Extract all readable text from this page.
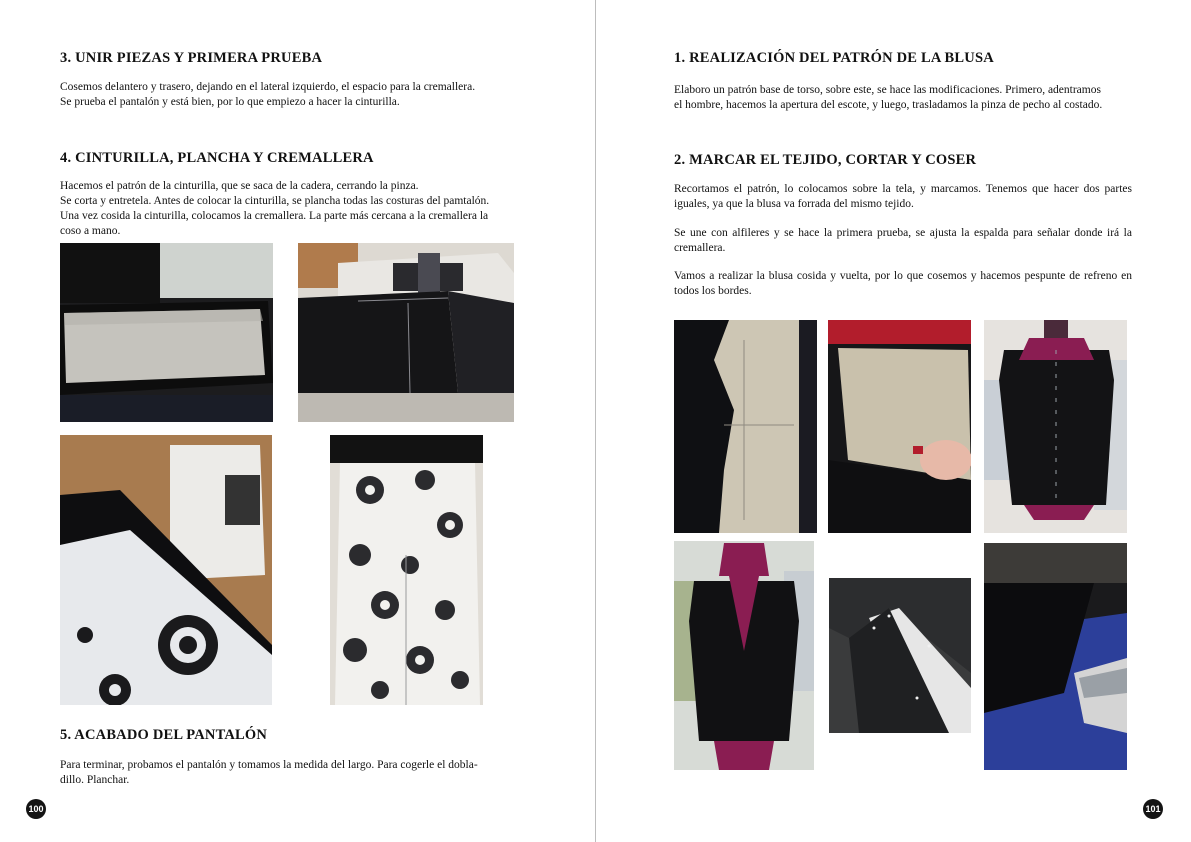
3. UNIR PIEZAS Y PRIMERA PRUEBA

Cosemos delantero y trasero, dejando en el lateral izquierdo, el espacio para la cremallera.
Se prueba el pantalón y está bien, por lo que empiezo a hacer la cinturilla.

4. CINTURILLA, PLANCHA Y CREMALLERA

Hacemos el patrón de la cinturilla, que se saca de la cadera, cerrando la pinza.
Se corta y entretela. Antes de colocar la cinturilla, se plancha todas las costuras del pamtalón.
Una vez cosida la cinturilla, colocamos la cremallera. La parte más cercana a la cremallera la
coso a mano.

5. ACABADO DEL PANTALÓN

Para terminar, probamos el pantalón y tomamos la medida del largo. Para cogerle el dobla-
dillo. Planchar.

100
1. REALIZACIÓN DEL PATRÓN DE LA BLUSA

Elaboro un patrón base de torso, sobre este, se hace las modificaciones. Primero, adentramos
el hombre, hacemos la apertura del escote, y luego, trasladamos la pinza de pecho al costado.

2. MARCAR EL TEJIDO, CORTAR Y COSER

Recortamos el patrón, lo colocamos sobre la tela, y marcamos. Tenemos que hacer dos partes iguales, ya que la blusa va forrada del mismo tejido.

Se une con alfileres y se hace la primera prueba, se ajusta la espalda para señalar donde irá la cremallera.

Vamos a realizar la blusa cosida y vuelta, por lo que cosemos y hacemos pespunte de refreno en todos los bordes.

101
